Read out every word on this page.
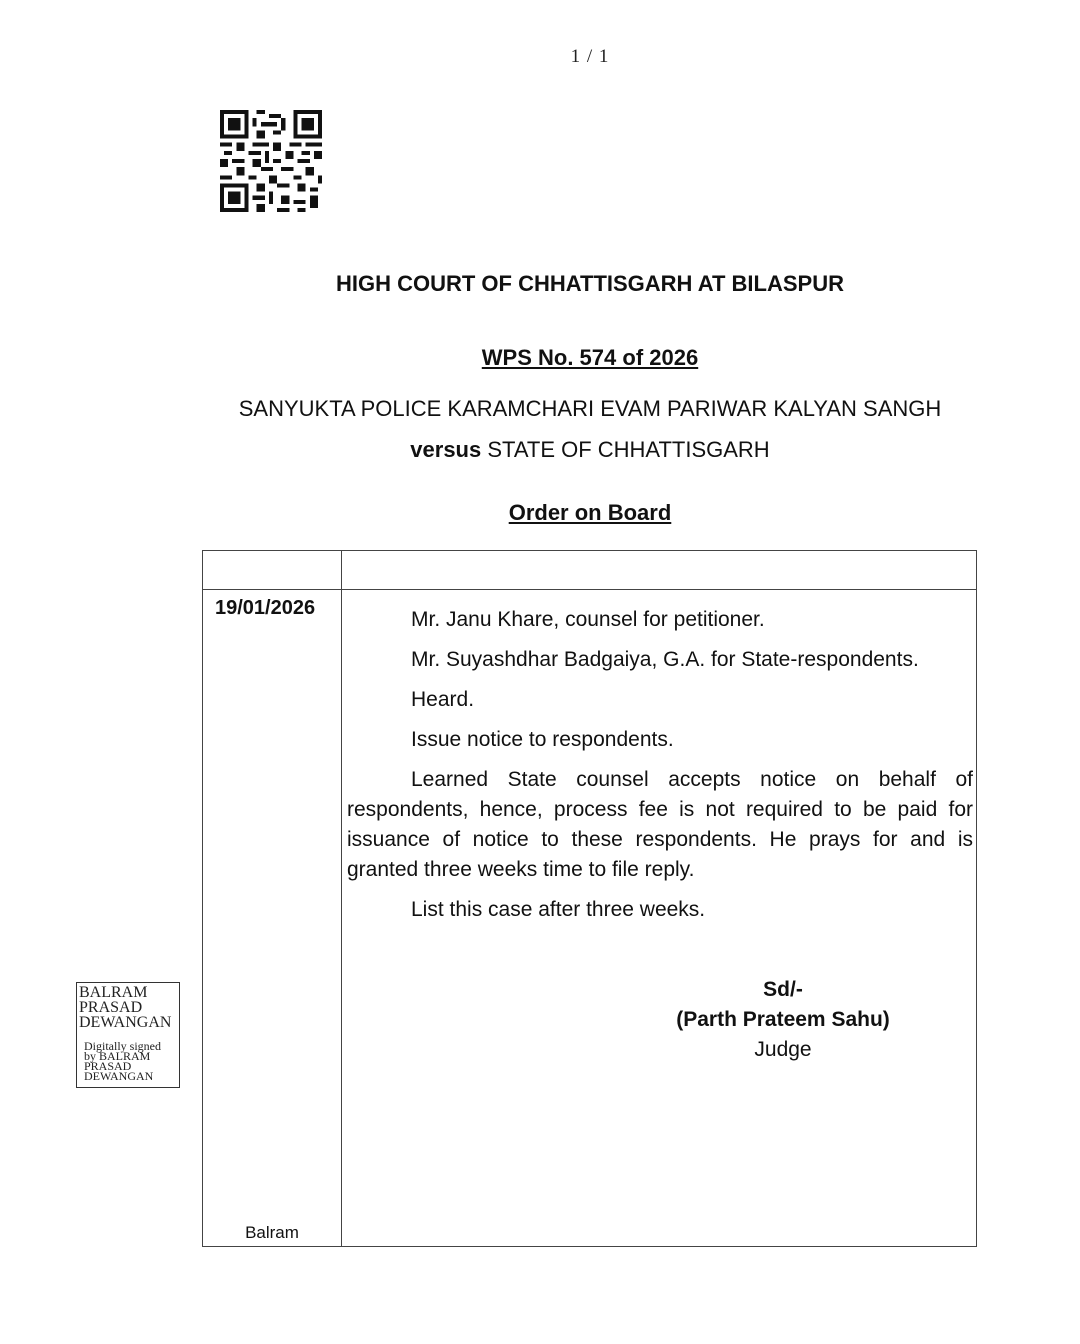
1 / 1
HIGH COURT OF CHHATTISGARH AT BILASPUR
WPS No. 574 of 2026
SANYUKTA POLICE KARAMCHARI EVAM PARIWAR KALYAN SANGH
versus STATE OF CHHATTISGARH
Order on Board
19/01/2026	Mr. Janu Khare, counsel for petitioner.

Mr. Suyashdhar Badgaiya, G.A. for State-respondents.

Heard.

Issue notice to respondents.

Learned State counsel accepts notice on behalf of respondents, hence, process fee is not required to be paid for issuance of notice to these respondents. He prays for and is granted three weeks time to file reply.

List this case after three weeks.

Sd/-
(Parth Prateem Sahu)
Judge
Balram
BALRAM
PRASAD
DEWANGAN
Digitally signed
by BALRAM
PRASAD
DEWANGAN
